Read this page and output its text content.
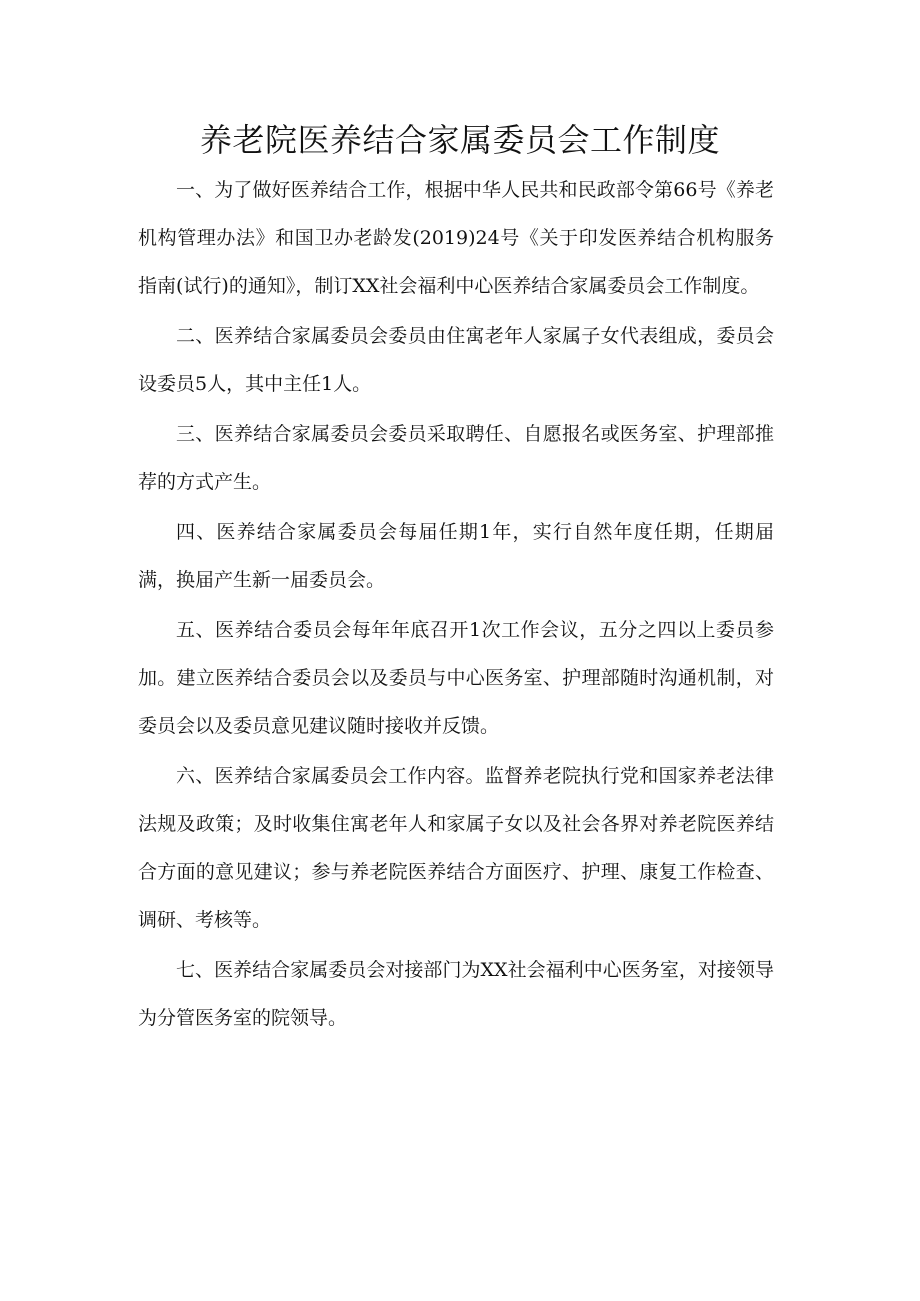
养老院医养结合家属委员会工作制度

一、为了做好医养结合工作，根据中华人民共和民政部令第66号《养老机构管理办法》和国卫办老龄发(2019)24号《关于印发医养结合机构服务指南(试行)的通知》，制订XX社会福利中心医养结合家属委员会工作制度。

二、医养结合家属委员会委员由住寓老年人家属子女代表组成，委员会设委员5人，其中主任1人。

三、医养结合家属委员会委员采取聘任、自愿报名或医务室、护理部推荐的方式产生。

四、医养结合家属委员会每届任期1年，实行自然年度任期，任期届满，换届产生新一届委员会。

五、医养结合委员会每年年底召开1次工作会议，五分之四以上委员参加。建立医养结合委员会以及委员与中心医务室、护理部随时沟通机制，对委员会以及委员意见建议随时接收并反馈。

六、医养结合家属委员会工作内容。监督养老院执行党和国家养老法律法规及政策；及时收集住寓老年人和家属子女以及社会各界对养老院医养结合方面的意见建议；参与养老院医养结合方面医疗、护理、康复工作检查、调研、考核等。

七、医养结合家属委员会对接部门为XX社会福利中心医务室，对接领导为分管医务室的院领导。
